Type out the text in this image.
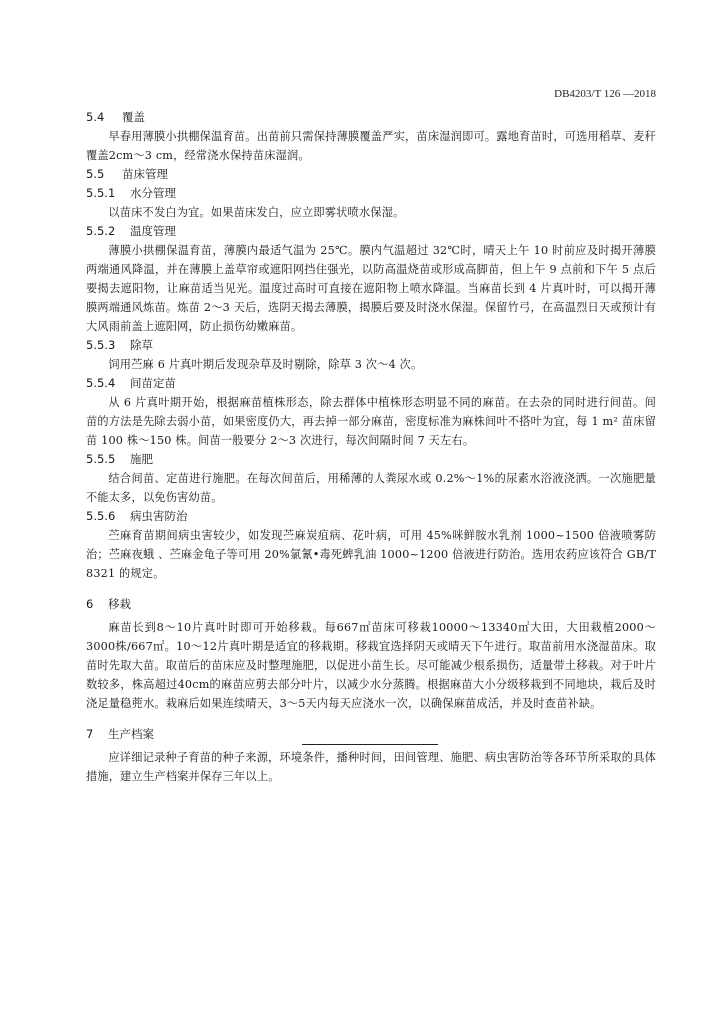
DB4203/T 126 —2018
5.4 覆盖
早春用薄膜小拱棚保温育苗。出苗前只需保持薄膜覆盖严实，苗床湿润即可。露地育苗时，可选用稻草、麦秆覆盖2cm～3 cm，经常浇水保持苗床湿润。
5.5 苗床管理
5.5.1 水分管理
以苗床不发白为宜。如果苗床发白，应立即雾状喷水保湿。
5.5.2 温度管理
薄膜小拱棚保温育苗，薄膜内最适气温为 25℃。膜内气温超过 32℃时，晴天上午 10 时前应及时揭开薄膜两端通风降温，并在薄膜上盖草帘或遮阳网挡住强光，以防高温烧苗或形成高脚苗，但上午 9 点前和下午 5 点后要揭去遮阳物，让麻苗适当见光。温度过高时可直接在遮阳物上喷水降温。当麻苗长到 4 片真叶时，可以揭开薄膜两端通风炼苗。炼苗 2～3 天后，选阴天揭去薄膜，揭膜后要及时浇水保湿。保留竹弓，在高温烈日天或预计有大风雨前盖上遮阳网，防止损伤幼嫩麻苗。
5.5.3 除草
饲用苎麻 6 片真叶期后发现杂草及时剔除，除草 3 次～4 次。
5.5.4 间苗定苗
从 6 片真叶期开始，根据麻苗植株形态，除去群体中植株形态明显不同的麻苗。在去杂的同时进行间苗。间苗的方法是先除去弱小苗，如果密度仍大，再去掉一部分麻苗，密度标准为麻株间叶不搭叶为宜，每 1 m² 苗床留苗 100 株～150 株。间苗一般要分 2～3 次进行，每次间隔时间 7 天左右。
5.5.5 施肥
结合间苗、定苗进行施肥。在每次间苗后，用稀薄的人粪尿水或 0.2%～1%的尿素水浴液浇洒。一次施肥量不能太多，以免伤害幼苗。
5.5.6 病虫害防治
苎麻育苗期间病虫害较少，如发现苎麻炭疽病、花叶病，可用 45%咪鲜胺水乳剂 1000~1500 倍液喷雾防治；苎麻夜蛾 、苎麻金龟子等可用 20%氯氰•毒死蜱乳油 1000~1200 倍液进行防治。选用农药应该符合 GB/T 8321 的规定。
6 移栽
麻苗长到8～10片真叶时即可开始移栽。每667㎡苗床可移栽10000～13340㎡大田，大田栽植2000～3000株/667㎡。10～12片真叶期是适宜的移栽期。移栽宜选择阴天或晴天下午进行。取苗前用水浇湿苗床。取苗时先取大苗。取苗后的苗床应及时整理施肥，以促进小苗生长。尽可能减少根系损伤，适量带土移栽。对于叶片数较多，株高超过40cm的麻苗应剪去部分叶片，以减少水分蒸腾。根据麻苗大小分级移栽到不同地块，栽后及时浇足量稳蔸水。栽麻后如果连续晴天，3～5天内每天应浇水一次，以确保麻苗成活，并及时查苗补缺。
7 生产档案
应详细记录种子育苗的种子来源，环境条件，播种时间，田间管理、施肥、病虫害防治等各环节所采取的具体措施，建立生产档案并保存三年以上。
